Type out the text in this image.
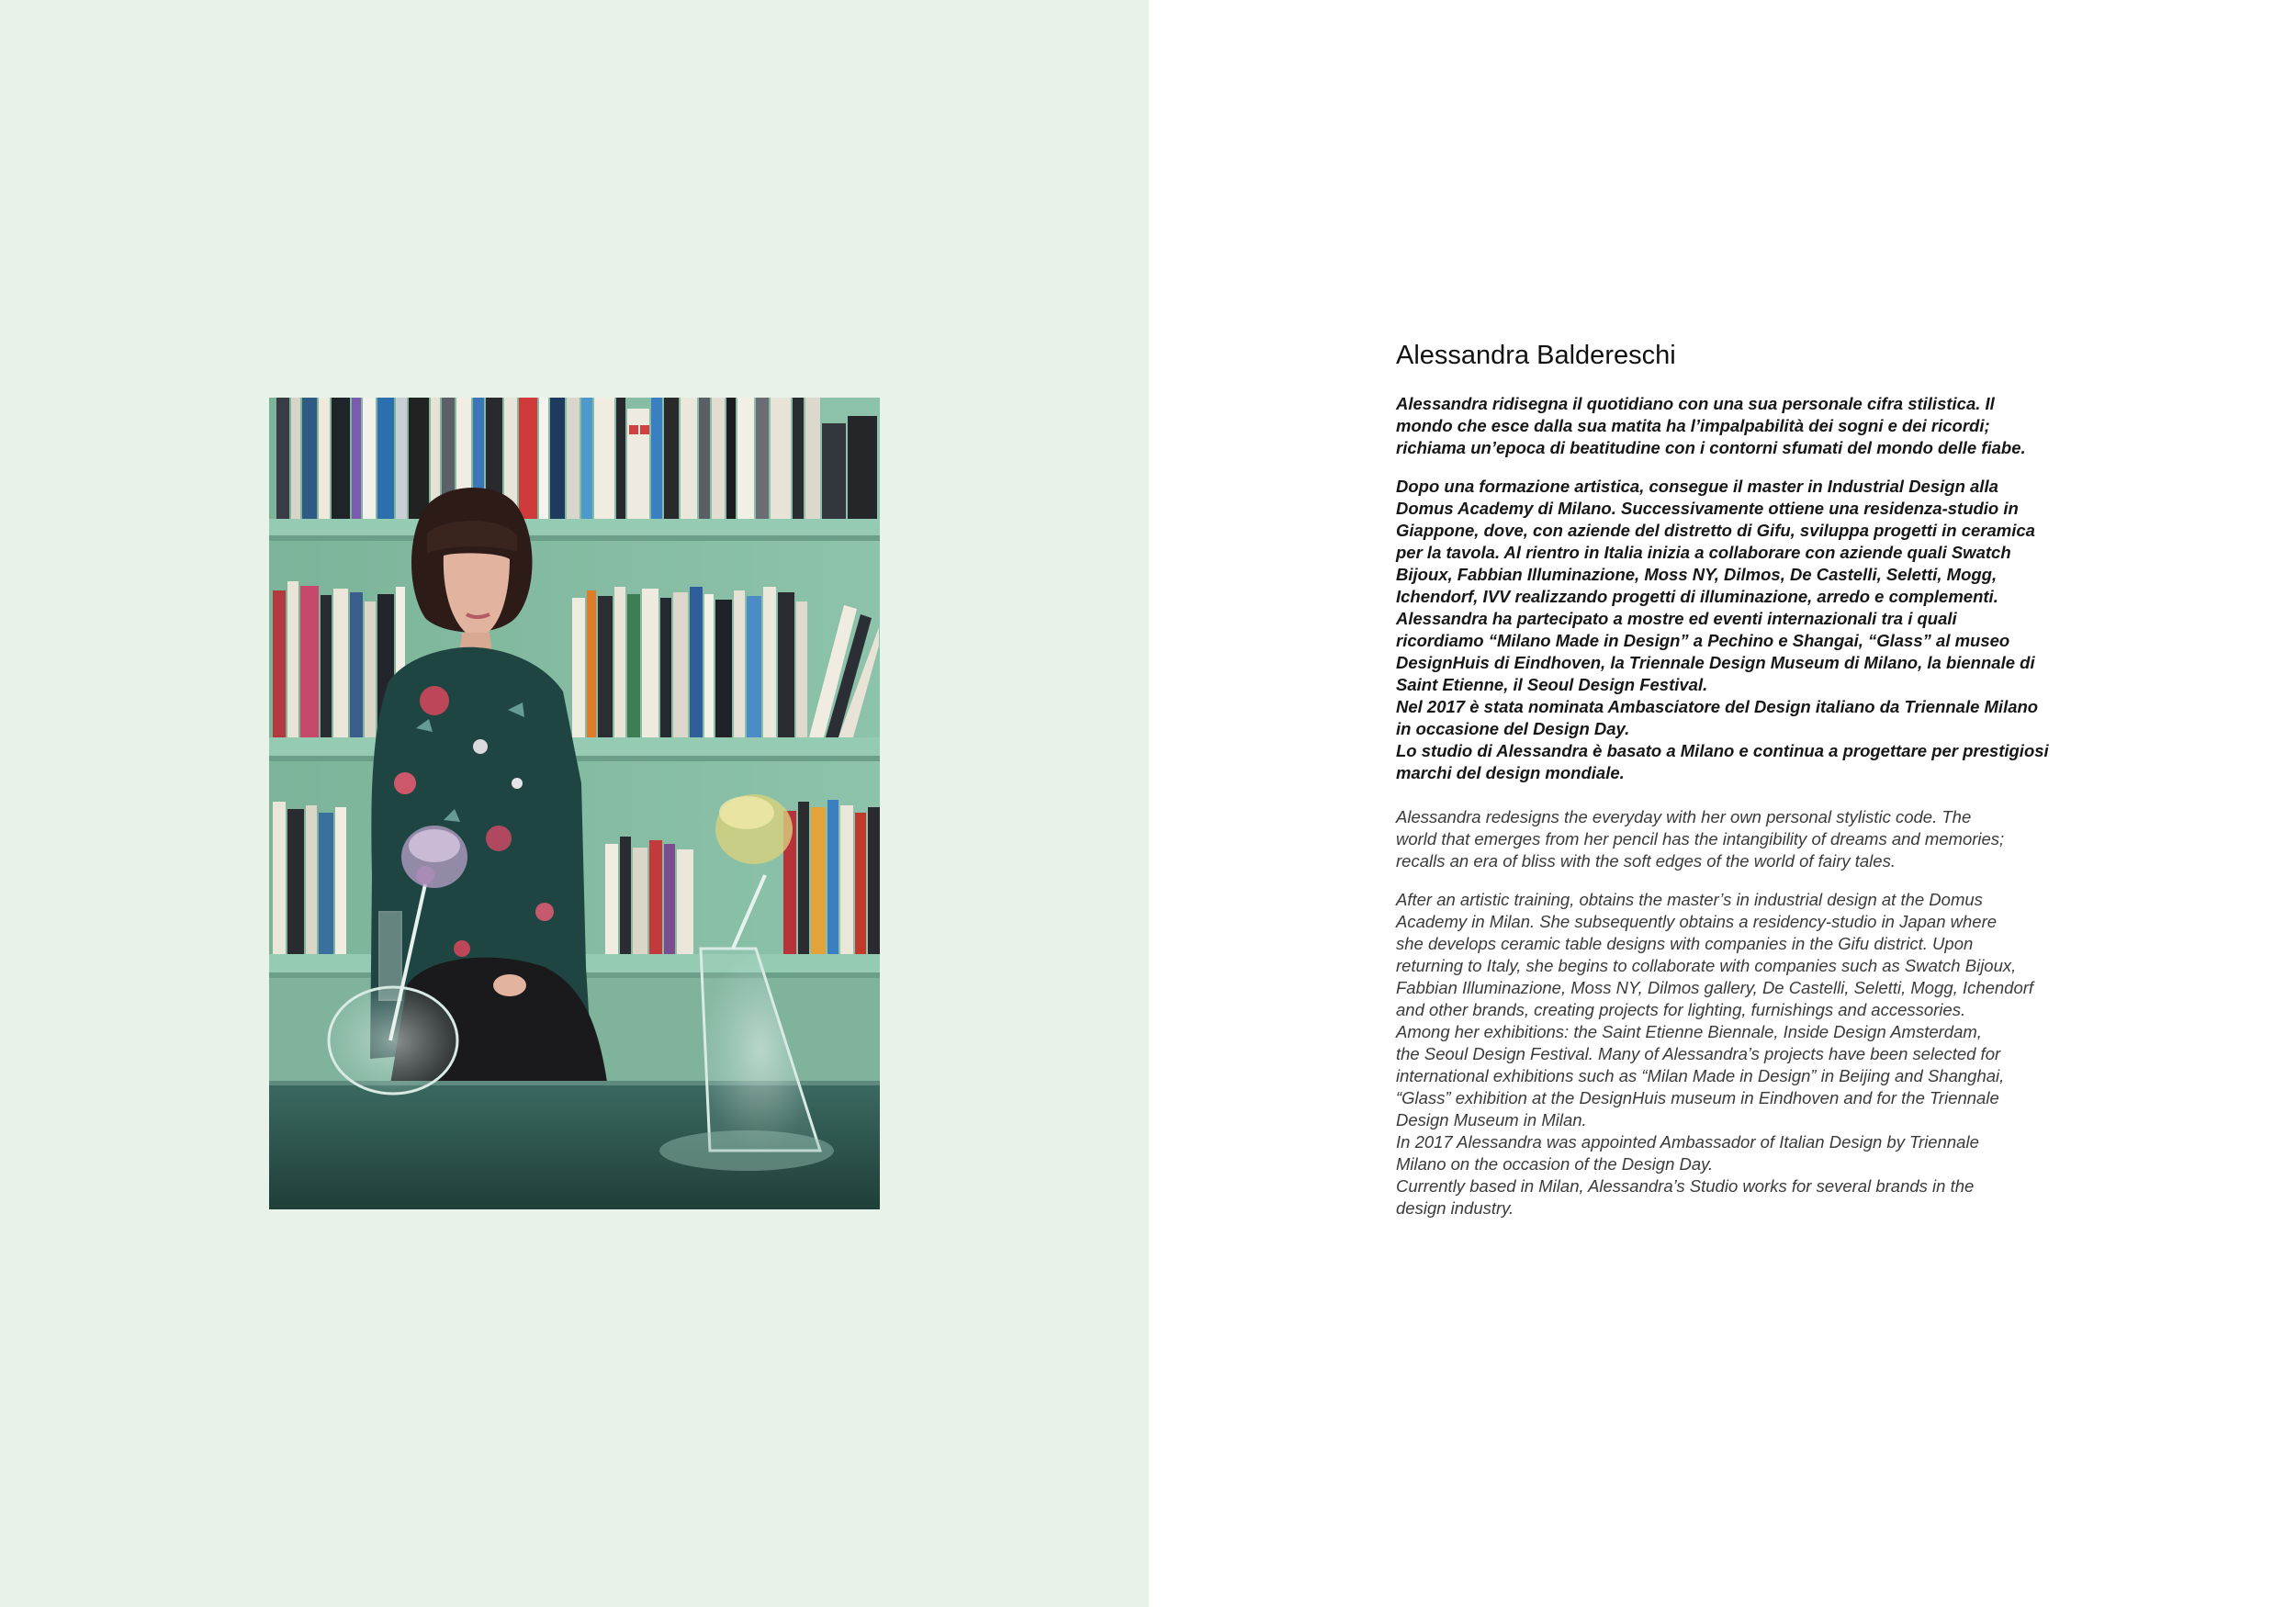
Alessandra Baldereschi

Alessandra ridisegna il quotidiano con una sua personale cifra stilistica. Il
mondo che esce dalla sua matita ha l’impalpabilità dei sogni e dei ricordi;
richiama un’epoca di beatitudine con i contorni sfumati del mondo delle fiabe.

Dopo una formazione artistica, consegue il master in Industrial Design alla
Domus Academy di Milano. Successivamente ottiene una residenza-studio in
Giappone, dove, con aziende del distretto di Gifu, sviluppa progetti in ceramica
per la tavola. Al rientro in Italia inizia a collaborare con aziende quali Swatch
Bijoux, Fabbian Illuminazione, Moss NY, Dilmos, De Castelli, Seletti, Mogg,
Ichendorf, IVV realizzando progetti di illuminazione, arredo e complementi.
Alessandra ha partecipato a mostre ed eventi internazionali tra i quali
ricordiamo “Milano Made in Design” a Pechino e Shangai, “Glass” al museo
DesignHuis di Eindhoven, la Triennale Design Museum di Milano, la biennale di
Saint Etienne, il Seoul Design Festival.
Nel 2017 è stata nominata Ambasciatore del Design italiano da Triennale Milano
in occasione del Design Day.
Lo studio di Alessandra è basato a Milano e continua a progettare per prestigiosi
marchi del design mondiale.

Alessandra redesigns the everyday with her own personal stylistic code. The
world that emerges from her pencil has the intangibility of dreams and memories;
recalls an era of bliss with the soft edges of the world of fairy tales.

After an artistic training, obtains the master’s in industrial design at the Domus
Academy in Milan. She subsequently obtains a residency-studio in Japan where
she develops ceramic table designs with companies in the Gifu district. Upon
returning to Italy, she begins to collaborate with companies such as Swatch Bijoux,
Fabbian Illuminazione, Moss NY, Dilmos gallery, De Castelli, Seletti, Mogg, Ichendorf
and other brands, creating projects for lighting, furnishings and accessories.
Among her exhibitions: the Saint Etienne Biennale, Inside Design Amsterdam,
the Seoul Design Festival. Many of Alessandra’s projects have been selected for
international exhibitions such as “Milan Made in Design” in Beijing and Shanghai,
“Glass” exhibition at the DesignHuis museum in Eindhoven and for the Triennale
Design Museum in Milan.
In 2017 Alessandra was appointed Ambassador of Italian Design by Triennale
Milano on the occasion of the Design Day.
Currently based in Milan, Alessandra’s Studio works for several brands in the
design industry.
